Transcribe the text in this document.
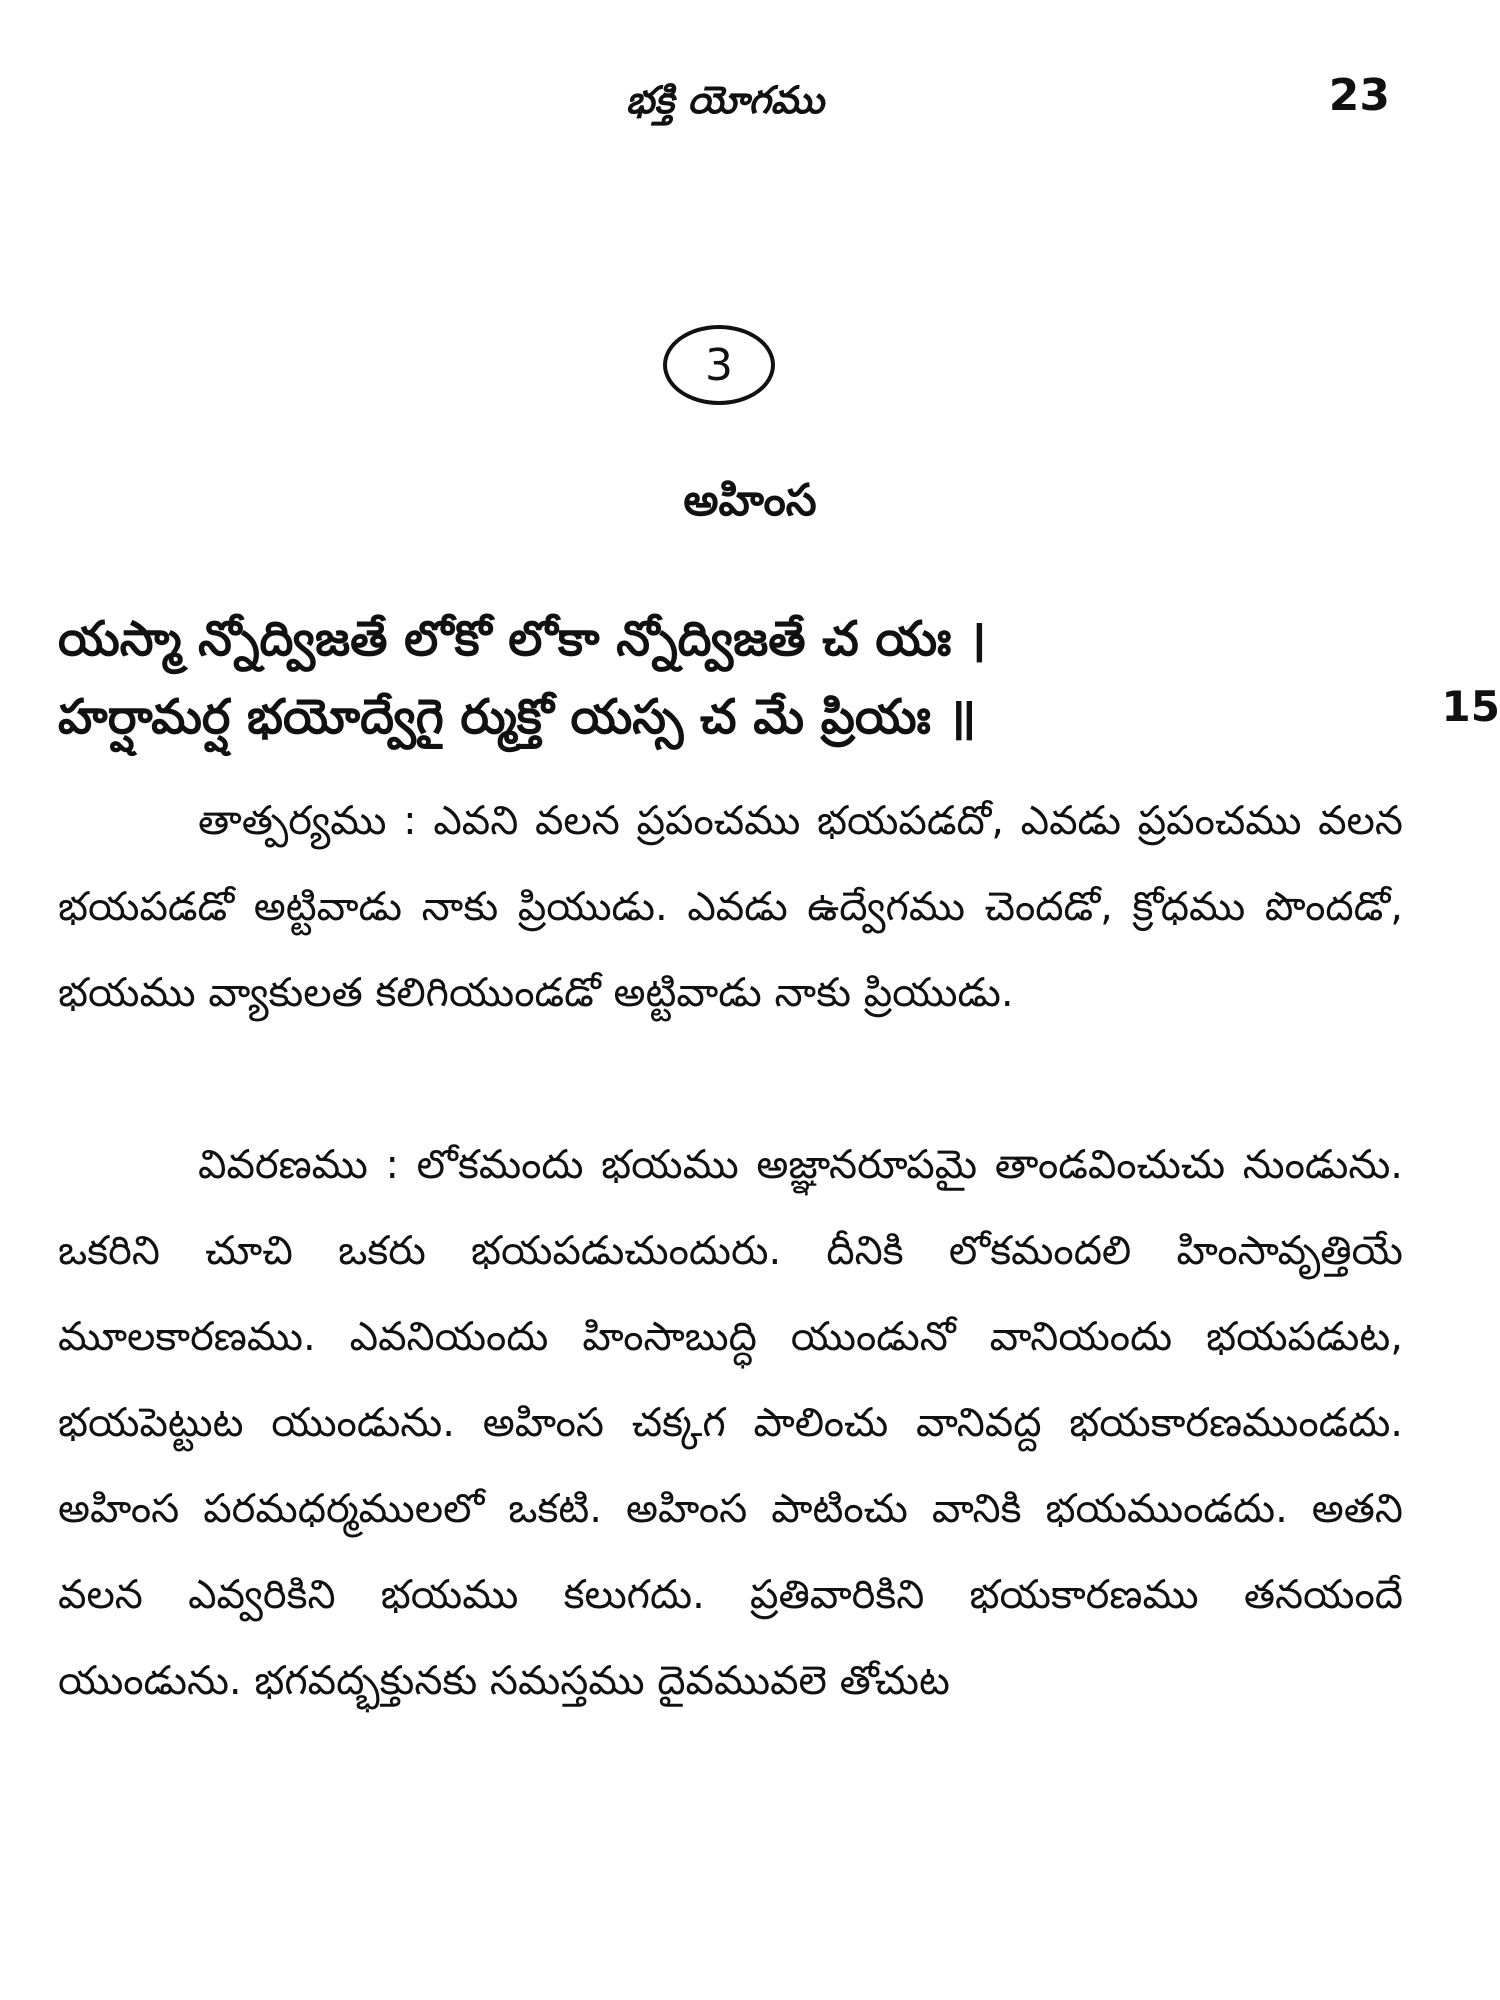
భక్తి యోగము	23
3
అహింస
యస్మా న్నోద్విజతే లోకో లోకా న్నోద్విజతే చ యః ।
హర్షామర్ష భయోద్వేగై ర్ముక్తో యస్స చ మే ప్రియః ॥	15
తాత్పర్యము : ఎవని వలన ప్రపంచము భయపడదో, ఎవడు ప్రపంచము వలన భయపడడో అట్టివాడు నాకు ప్రియుడు. ఎవడు ఉద్వేగము చెందడో, క్రోధము పొందడో, భయము వ్యాకులత కలిగియుండడో అట్టివాడు నాకు ప్రియుడు.
వివరణము : లోకమందు భయము అజ్ఞానరూపమై తాండవించుచు నుండును. ఒకరిని చూచి ఒకరు భయపడుచుందురు. దీనికి లోకమందలి హింసావృత్తియే మూలకారణము. ఎవనియందు హింసాబుద్ధి యుండునో వానియందు భయపడుట, భయపెట్టుట యుండును. అహింస చక్కగ పాలించు వానివద్ద భయకారణముండదు. అహింస పరమధర్మములలో ఒకటి. అహింస పాటించు వానికి భయముండదు. అతని వలన ఎవ్వరికిని భయము కలుగదు. ప్రతివారికిని భయకారణము తనయందే యుండును. భగవద్భక్తునకు సమస్తము దైవమువలె తోచుట
